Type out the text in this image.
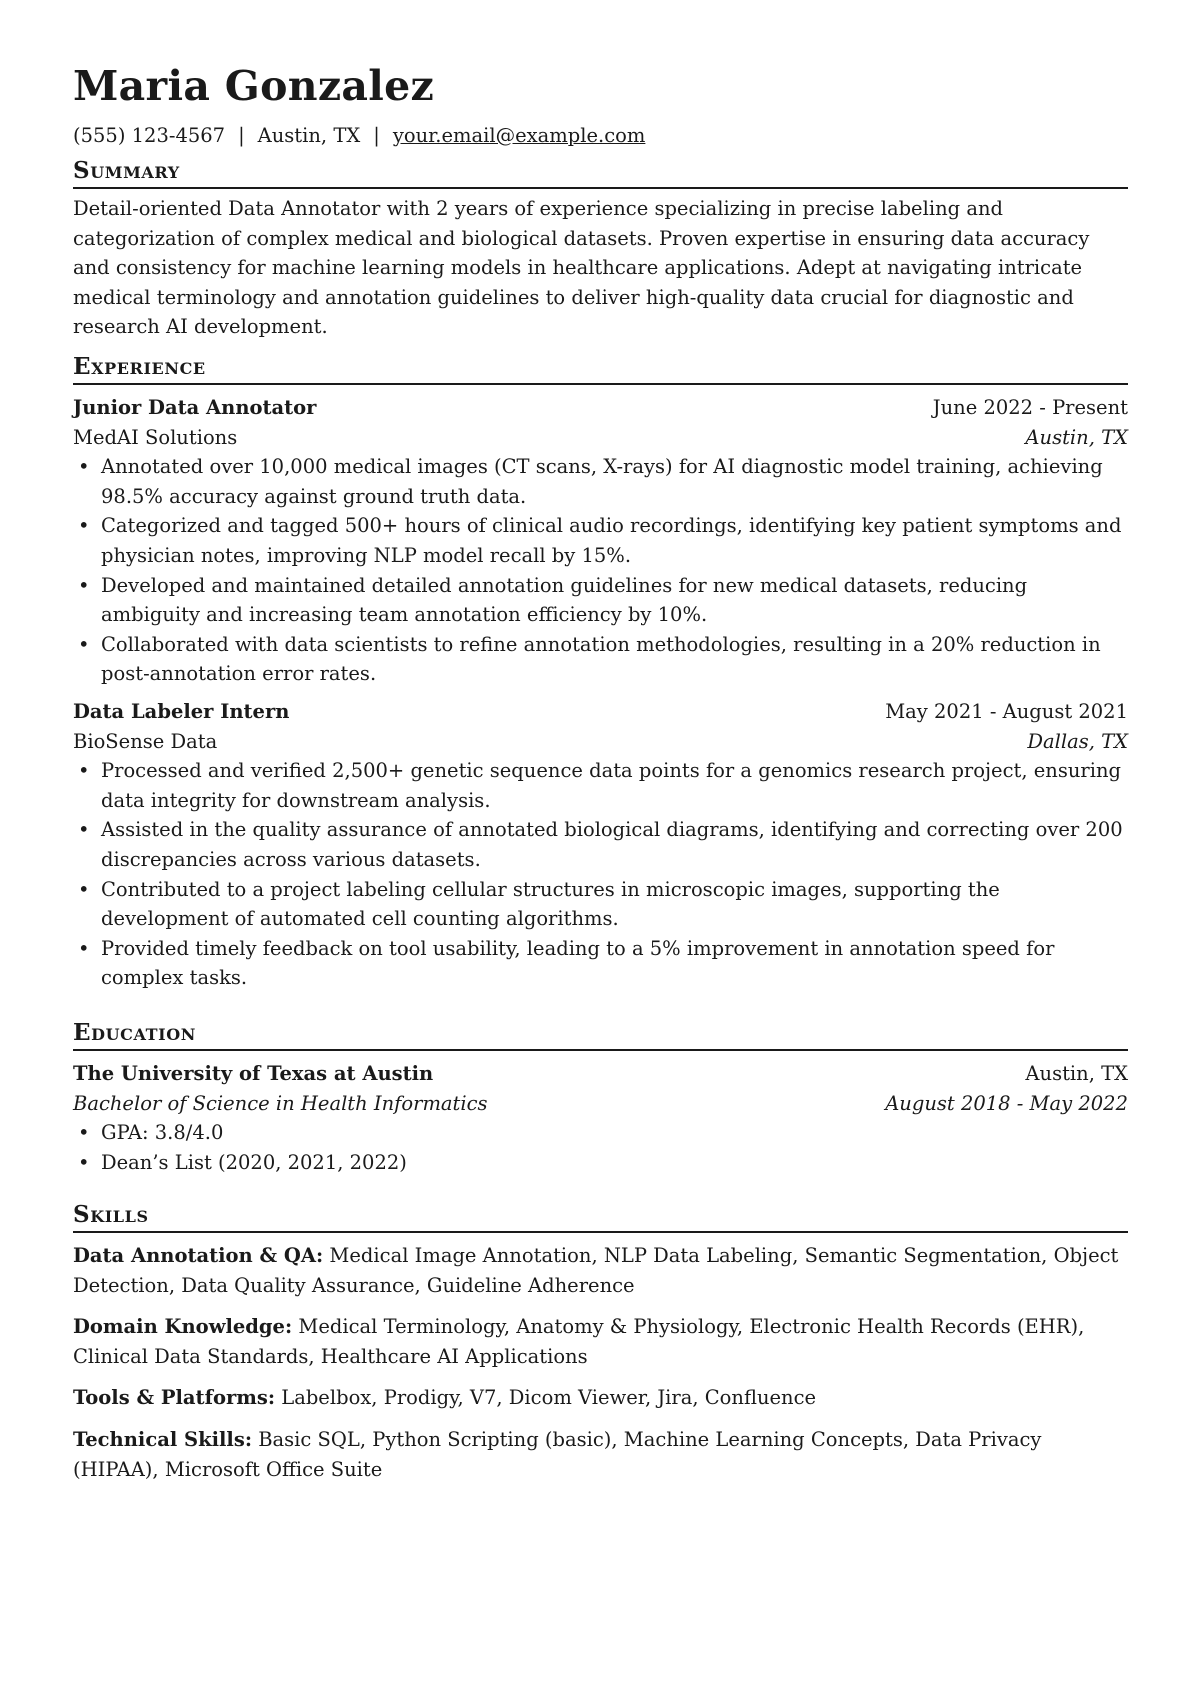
Maria Gonzalez
(555) 123-4567 | Austin, TX | your.email@example.com
Summary

Detail-oriented Data Annotator with 2 years of experience specializing in precise labeling and categorization of complex medical and biological datasets. Proven expertise in ensuring data accuracy and consistency for machine learning models in healthcare applications. Adept at navigating intricate medical terminology and annotation guidelines to deliver high-quality data crucial for diagnostic and research AI development.

Experience
Junior Data Annotator	June 2022 - Present
MedAI Solutions	Austin, TX
• Annotated over 10,000 medical images (CT scans, X-rays) for AI diagnostic model training, achieving 98.5% accuracy against ground truth data.
• Categorized and tagged 500+ hours of clinical audio recordings, identifying key patient symptoms and physician notes, improving NLP model recall by 15%.
• Developed and maintained detailed annotation guidelines for new medical datasets, reducing ambiguity and increasing team annotation efficiency by 10%.
• Collaborated with data scientists to refine annotation methodologies, resulting in a 20% reduction in post-annotation error rates.
Data Labeler Intern	May 2021 - August 2021
BioSense Data	Dallas, TX
• Processed and verified 2,500+ genetic sequence data points for a genomics research project, ensuring data integrity for downstream analysis.
• Assisted in the quality assurance of annotated biological diagrams, identifying and correcting over 200 discrepancies across various datasets.
• Contributed to a project labeling cellular structures in microscopic images, supporting the development of automated cell counting algorithms.
• Provided timely feedback on tool usability, leading to a 5% improvement in annotation speed for complex tasks.
Education
The University of Texas at Austin	Austin, TX
Bachelor of Science in Health Informatics	August 2018 - May 2022
• GPA: 3.8/4.0
• Dean’s List (2020, 2021, 2022)
Skills

Data Annotation & QA: Medical Image Annotation, NLP Data Labeling, Semantic Segmentation, Object Detection, Data Quality Assurance, Guideline Adherence

Domain Knowledge: Medical Terminology, Anatomy & Physiology, Electronic Health Records (EHR), Clinical Data Standards, Healthcare AI Applications

Tools & Platforms: Labelbox, Prodigy, V7, Dicom Viewer, Jira, Confluence

Technical Skills: Basic SQL, Python Scripting (basic), Machine Learning Concepts, Data Privacy (HIPAA), Microsoft Office Suite
